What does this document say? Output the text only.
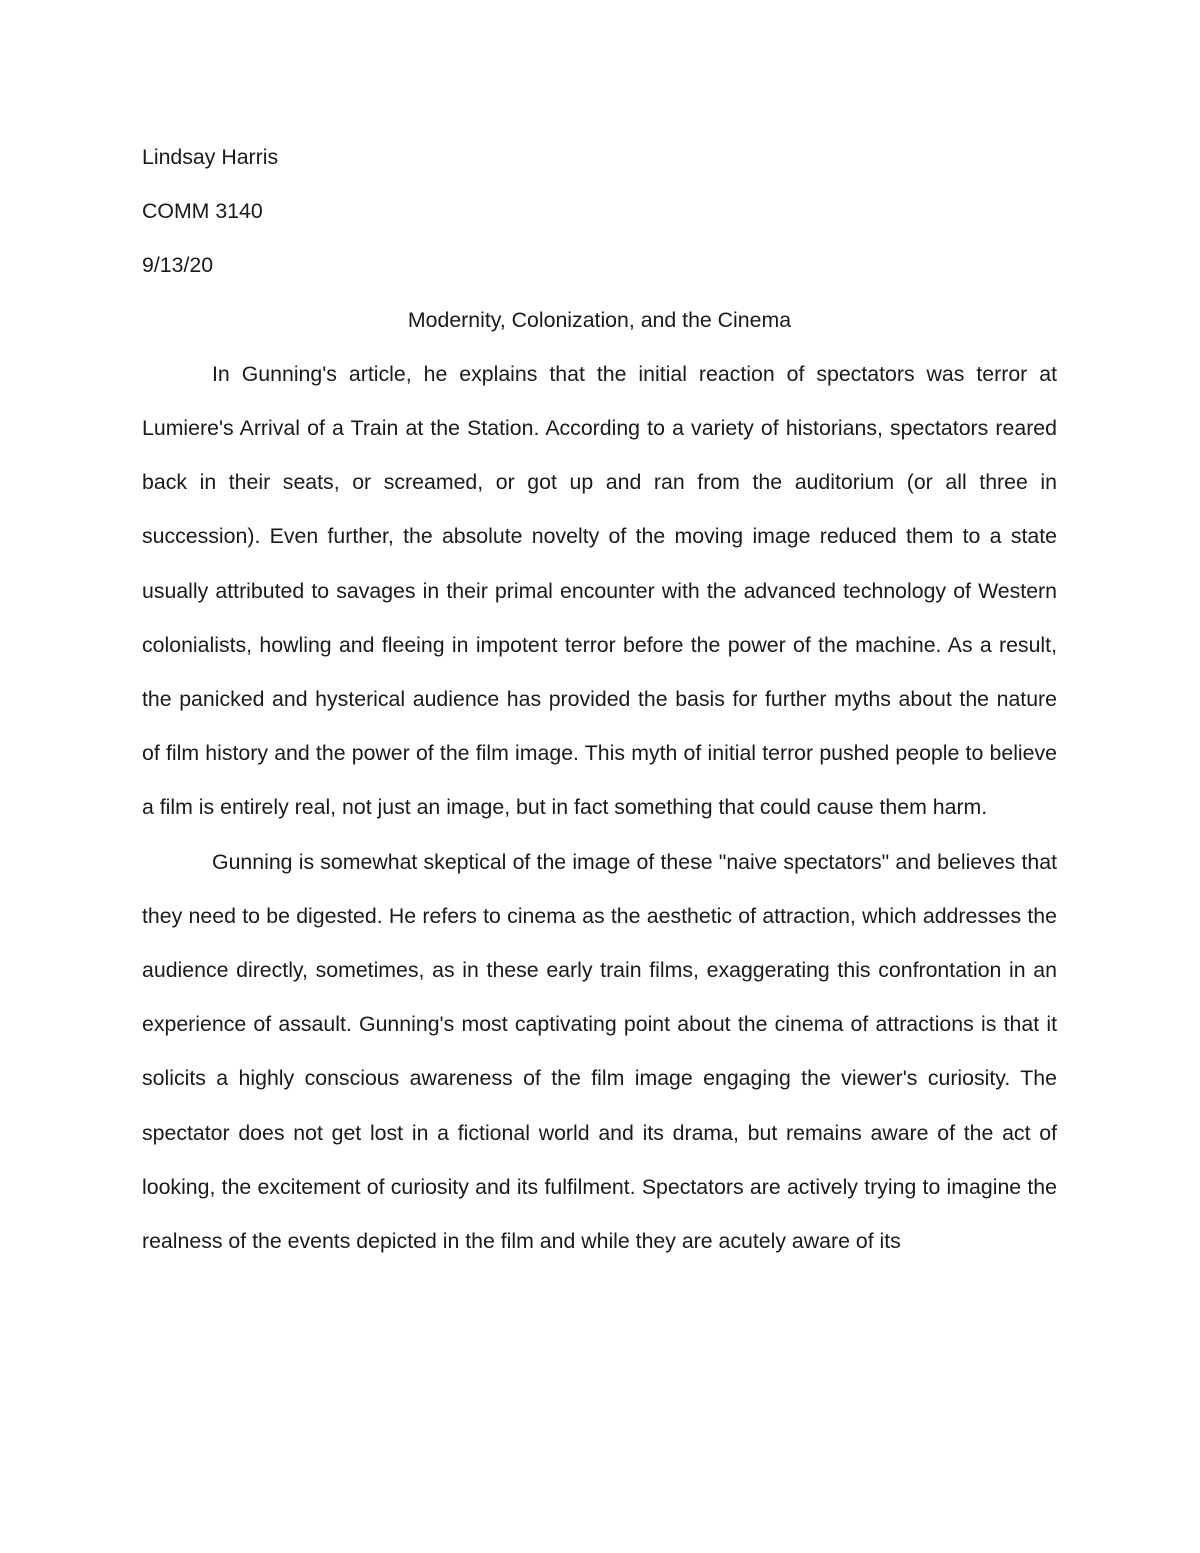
Lindsay Harris

COMM 3140

9/13/20

Modernity, Colonization, and the Cinema

In Gunning's article, he explains that the initial reaction of spectators was terror at Lumiere's Arrival of a Train at the Station. According to a variety of historians, spectators reared back in their seats, or screamed, or got up and ran from the auditorium (or all three in succession). Even further, the absolute novelty of the moving image reduced them to a state usually attributed to savages in their primal encounter with the advanced technology of Western colonialists, howling and fleeing in impotent terror before the power of the machine. As a result, the panicked and hysterical audience has provided the basis for further myths about the nature of film history and the power of the film image. This myth of initial terror pushed people to believe a film is entirely real, not just an image, but in fact something that could cause them harm.

Gunning is somewhat skeptical of the image of these "naive spectators" and believes that they need to be digested. He refers to cinema as the aesthetic of attraction, which addresses the audience directly, sometimes, as in these early train films, exaggerating this confrontation in an experience of assault. Gunning's most captivating point about the cinema of attractions is that it solicits a highly conscious awareness of the film image engaging the viewer's curiosity. The spectator does not get lost in a fictional world and its drama, but remains aware of the act of looking, the excitement of curiosity and its fulfilment. Spectators are actively trying to imagine the realness of the events depicted in the film and while they are acutely aware of its
